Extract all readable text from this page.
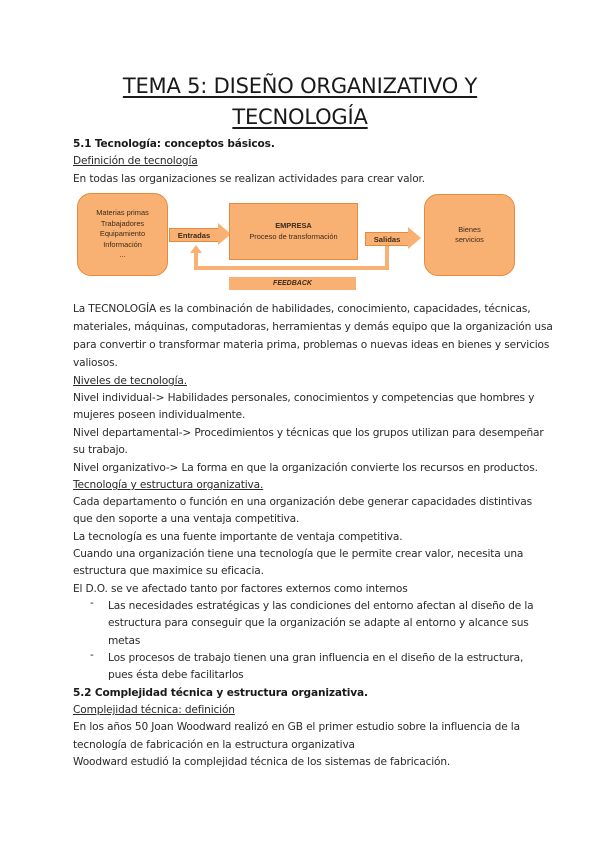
TEMA 5: DISEÑO ORGANIZATIVO Y
TECNOLOGÍA
5.1 Tecnología: conceptos básicos.
Definición de tecnología
En todas las organizaciones se realizan actividades para crear valor.
Materias primas
Trabajadores
Equipamiento
Información
...
Entradas
EMPRESA
Proceso de transformación	Salidas
Bienes
servicios
FEEDBACK
La TECNOLOGÍA es la combinación de habilidades, conocimiento, capacidades, técnicas,
materiales, máquinas, computadoras, herramientas y demás equipo que la organización usa
para convertir o transformar materia prima, problemas o nuevas ideas en bienes y servicios
valiosos.
Niveles de tecnología.
Nivel individual-> Habilidades personales, conocimientos y competencias que hombres y
mujeres poseen individualmente.
Nivel departamental-> Procedimientos y técnicas que los grupos utilizan para desempeñar
su trabajo.
Nivel organizativo-> La forma en que la organización convierte los recursos en productos.
Tecnología y estructura organizativa.
Cada departamento o función en una organización debe generar capacidades distintivas
que den soporte a una ventaja competitiva.
La tecnología es una fuente importante de ventaja competitiva.
Cuando una organización tiene una tecnología que le permite crear valor, necesita una
estructura que maximice su eficacia.
El D.O. se ve afectado tanto por factores externos como internos
- Las necesidades estratégicas y las condiciones del entorno afectan al diseño de la
estructura para conseguir que la organización se adapte al entorno y alcance sus
metas
- Los procesos de trabajo tienen una gran influencia en el diseño de la estructura,
pues ésta debe facilitarlos
5.2 Complejidad técnica y estructura organizativa.
Complejidad técnica: definición
En los años 50 Joan Woodward realizó en GB el primer estudio sobre la influencia de la
tecnología de fabricación en la estructura organizativa
Woodward estudió la complejidad técnica de los sistemas de fabricación.
